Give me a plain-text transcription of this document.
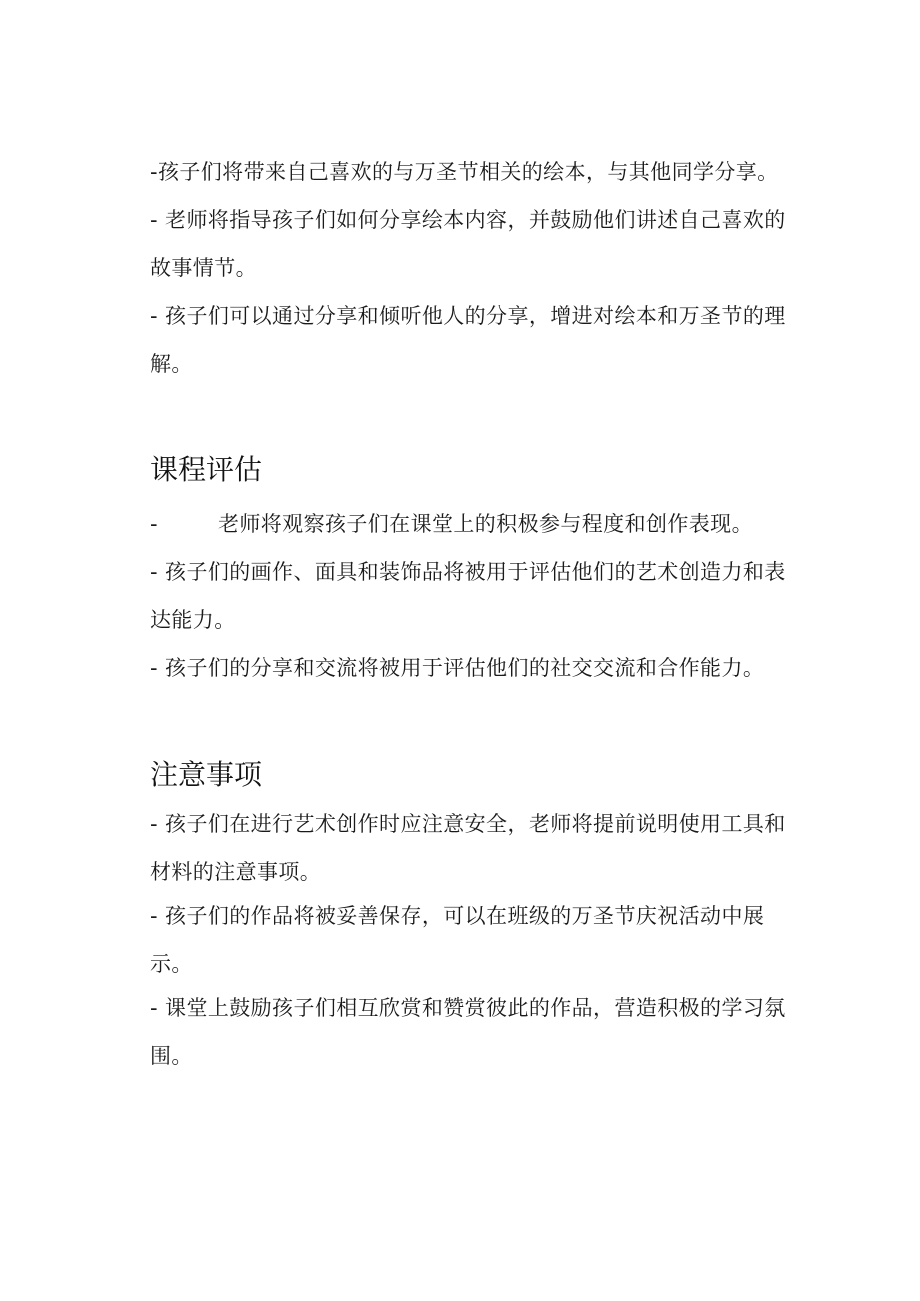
-孩子们将带来自己喜欢的与万圣节相关的绘本，与其他同学分享。

- 老师将指导孩子们如何分享绘本内容，并鼓励他们讲述自己喜欢的故事情节。

- 孩子们可以通过分享和倾听他人的分享，增进对绘本和万圣节的理解。

课程评估

-	老师将观察孩子们在课堂上的积极参与程度和创作表现。

- 孩子们的画作、面具和装饰品将被用于评估他们的艺术创造力和表达能力。

- 孩子们的分享和交流将被用于评估他们的社交交流和合作能力。

注意事项

- 孩子们在进行艺术创作时应注意安全，老师将提前说明使用工具和材料的注意事项。

- 孩子们的作品将被妥善保存，可以在班级的万圣节庆祝活动中展示。

- 课堂上鼓励孩子们相互欣赏和赞赏彼此的作品，营造积极的学习氛围。
